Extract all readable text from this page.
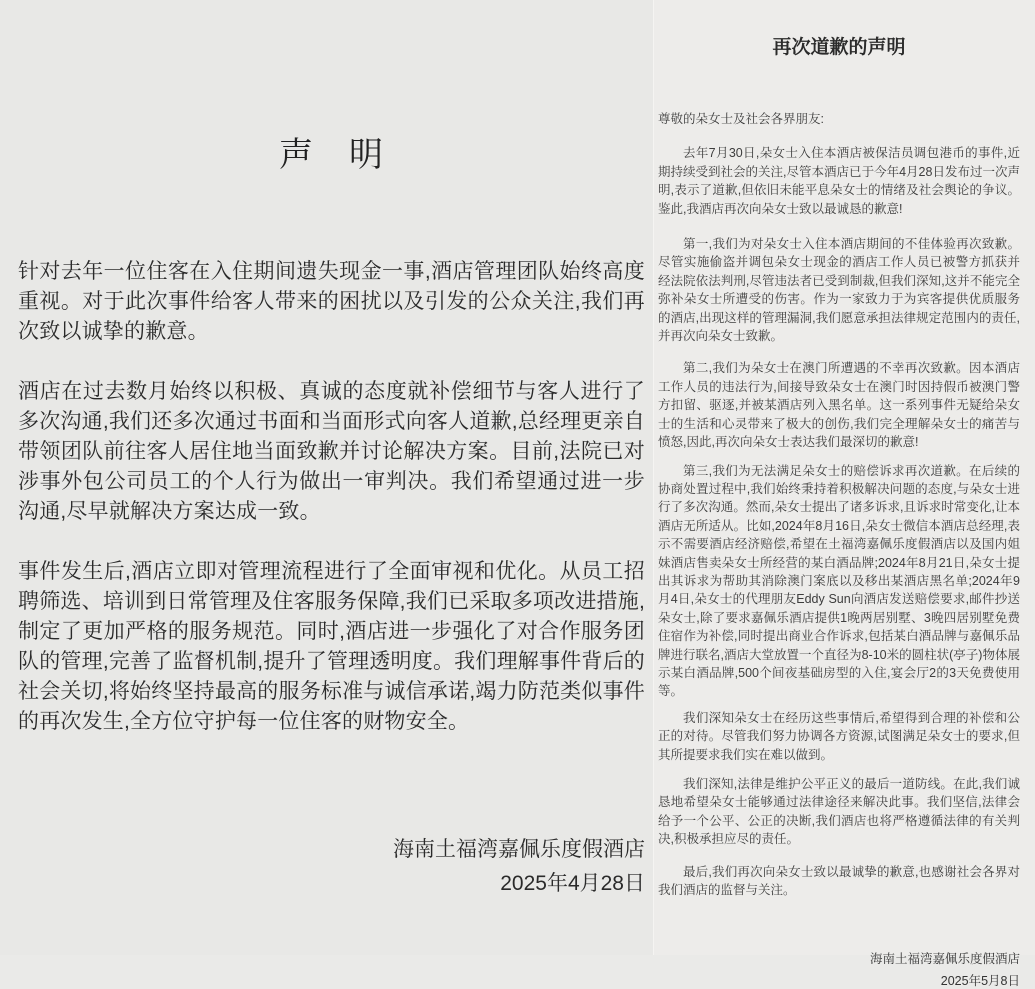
声　明

针对去年一位住客在入住期间遗失现金一事,酒店管理团队始终高度重视。对于此次事件给客人带来的困扰以及引发的公众关注,我们再次致以诚挚的歉意。

酒店在过去数月始终以积极、真诚的态度就补偿细节与客人进行了多次沟通,我们还多次通过书面和当面形式向客人道歉,总经理更亲自带领团队前往客人居住地当面致歉并讨论解决方案。目前,法院已对涉事外包公司员工的个人行为做出一审判决。我们希望通过进一步沟通,尽早就解决方案达成一致。

事件发生后,酒店立即对管理流程进行了全面审视和优化。从员工招聘筛选、培训到日常管理及住客服务保障,我们已采取多项改进措施,制定了更加严格的服务规范。同时,酒店进一步强化了对合作服务团队的管理,完善了监督机制,提升了管理透明度。我们理解事件背后的社会关切,将始终坚持最高的服务标准与诚信承诺,竭力防范类似事件的再次发生,全方位守护每一位住客的财物安全。

海南土福湾嘉佩乐度假酒店
2025年4月28日
再次道歉的声明

尊敬的朵女士及社会各界朋友:

去年7月30日,朵女士入住本酒店被保洁员调包港币的事件,近期持续受到社会的关注,尽管本酒店已于今年4月28日发布过一次声明,表示了道歉,但依旧未能平息朵女士的情绪及社会舆论的争议。鉴此,我酒店再次向朵女士致以最诚恳的歉意!

第一,我们为对朵女士入住本酒店期间的不佳体验再次致歉。尽管实施偷盗并调包朵女士现金的酒店工作人员已被警方抓获并经法院依法判刑,尽管违法者已受到制裁,但我们深知,这并不能完全弥补朵女士所遭受的伤害。作为一家致力于为宾客提供优质服务的酒店,出现这样的管理漏洞,我们愿意承担法律规定范围内的责任,并再次向朵女士致歉。

第二,我们为朵女士在澳门所遭遇的不幸再次致歉。因本酒店工作人员的违法行为,间接导致朵女士在澳门时因持假币被澳门警方扣留、驱逐,并被某酒店列入黑名单。这一系列事件无疑给朵女士的生活和心灵带来了极大的创伤,我们完全理解朵女士的痛苦与愤怒,因此,再次向朵女士表达我们最深切的歉意!

第三,我们为无法满足朵女士的赔偿诉求再次道歉。在后续的协商处置过程中,我们始终秉持着积极解决问题的态度,与朵女士进行了多次沟通。然而,朵女士提出了诸多诉求,且诉求时常变化,让本酒店无所适从。比如,2024年8月16日,朵女士微信本酒店总经理,表示不需要酒店经济赔偿,希望在土福湾嘉佩乐度假酒店以及国内姐妹酒店售卖朵女士所经营的某白酒品牌;2024年8月21日,朵女士提出其诉求为帮助其消除澳门案底以及移出某酒店黑名单;2024年9月4日,朵女士的代理朋友Eddy Sun向酒店发送赔偿要求,邮件抄送朵女士,除了要求嘉佩乐酒店提供1晚两居别墅、3晚四居别墅免费住宿作为补偿,同时提出商业合作诉求,包括某白酒品牌与嘉佩乐品牌进行联名,酒店大堂放置一个直径为8-10米的圆柱状(亭子)物体展示某白酒品牌,500个间夜基础房型的入住,宴会厅2的3天免费使用等。

我们深知朵女士在经历这些事情后,希望得到合理的补偿和公正的对待。尽管我们努力协调各方资源,试图满足朵女士的要求,但其所提要求我们实在难以做到。

我们深知,法律是维护公平正义的最后一道防线。在此,我们诚恳地希望朵女士能够通过法律途径来解决此事。我们坚信,法律会给予一个公平、公正的决断,我们酒店也将严格遵循法律的有关判决,积极承担应尽的责任。

最后,我们再次向朵女士致以最诚挚的歉意,也感谢社会各界对我们酒店的监督与关注。

海南土福湾嘉佩乐度假酒店
2025年5月8日
